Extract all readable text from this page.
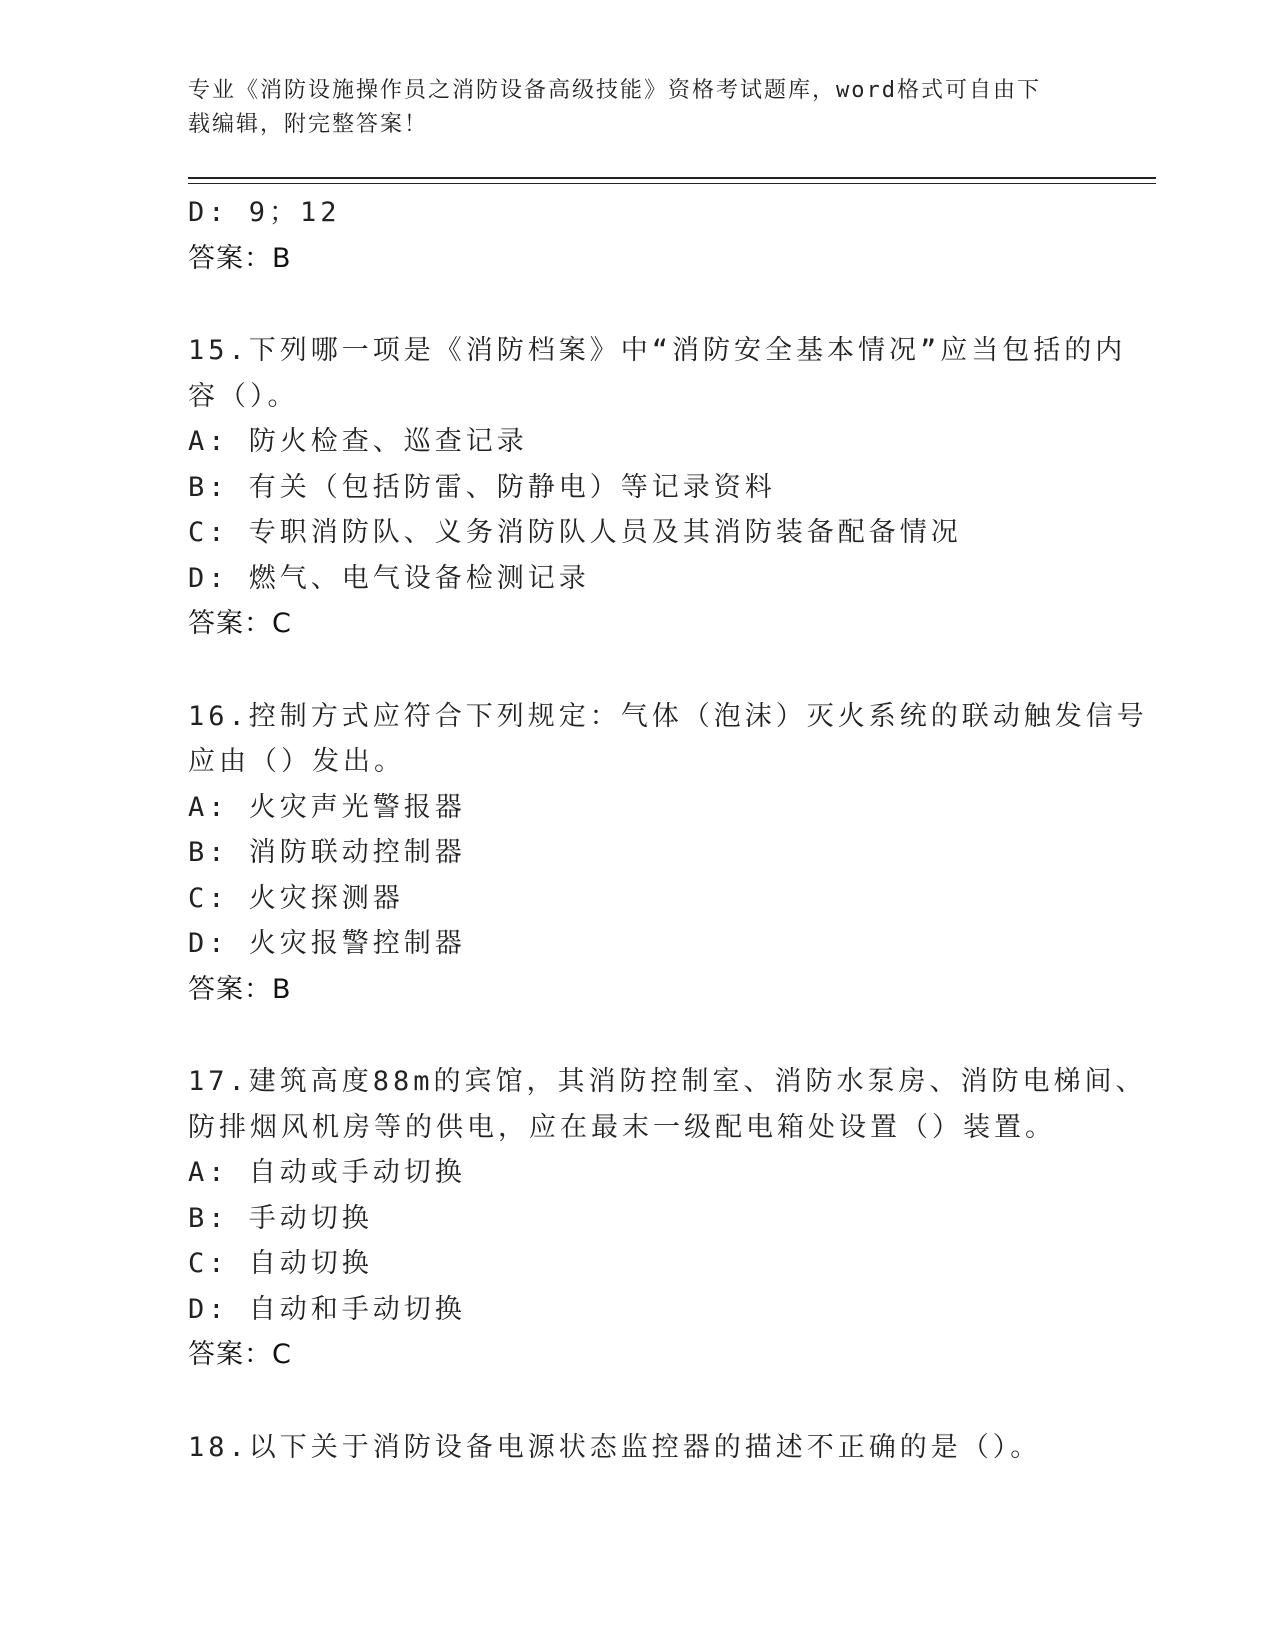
专业《消防设施操作员之消防设备高级技能》资格考试题库，word格式可自由下
载编辑，附完整答案！
D: 9；12
答案：B
15.下列哪一项是《消防档案》中“消防安全基本情况”应当包括的内
容（）。
A: 防火检查、巡查记录
B: 有关（包括防雷、防静电）等记录资料
C: 专职消防队、义务消防队人员及其消防装备配备情况
D: 燃气、电气设备检测记录
答案：C
16.控制方式应符合下列规定：气体（泡沫）灭火系统的联动触发信号
应由（）发出。
A: 火灾声光警报器
B: 消防联动控制器
C: 火灾探测器
D: 火灾报警控制器
答案：B
17.建筑高度88m的宾馆，其消防控制室、消防水泵房、消防电梯间、
防排烟风机房等的供电，应在最末一级配电箱处设置（）装置。
A: 自动或手动切换
B: 手动切换
C: 自动切换
D: 自动和手动切换
答案：C
18.以下关于消防设备电源状态监控器的描述不正确的是（）。
